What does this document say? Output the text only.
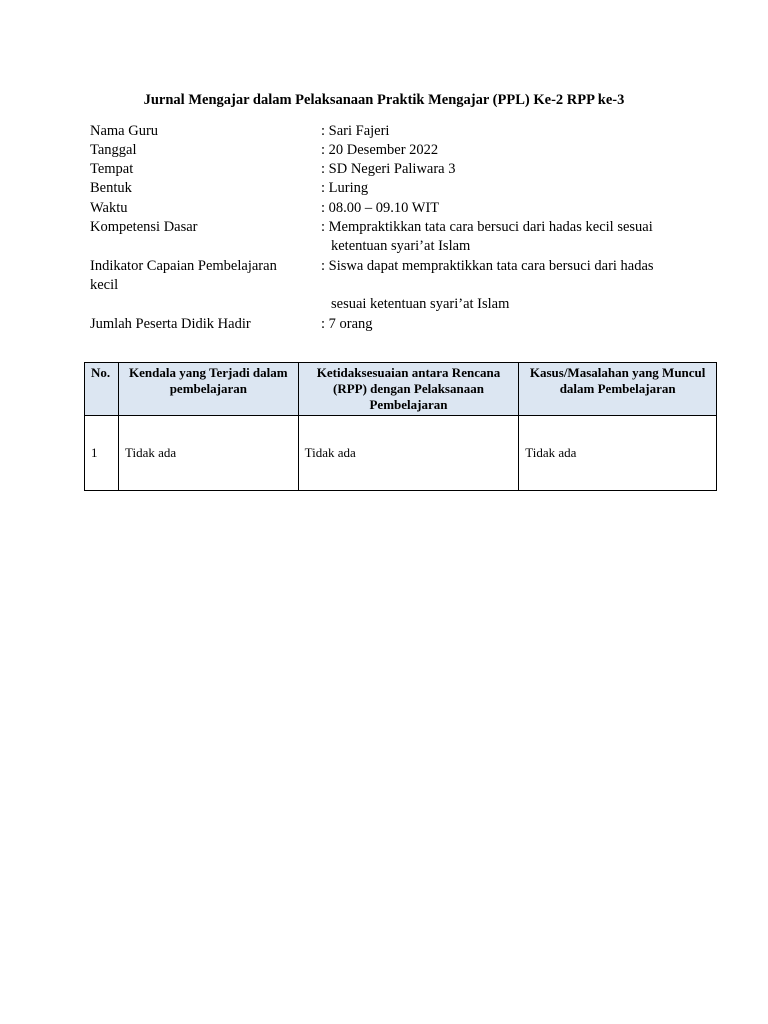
Jurnal Mengajar dalam Pelaksanaan Praktik Mengajar (PPL) Ke-2 RPP ke-3
Nama Guru	: Sari Fajeri
Tanggal	: 20 Desember 2022
Tempat	: SD Negeri Paliwara 3
Bentuk	: Luring
Waktu	: 08.00 – 09.10 WIT
Kompetensi Dasar	: Mempraktikkan tata cara bersuci dari hadas kecil sesuai
ketentuan syari’at Islam
Indikator Capaian Pembelajaran
kecil
: Siswa dapat mempraktikkan tata cara bersuci dari hadas
sesuai ketentuan syari’at Islam
Jumlah Peserta Didik Hadir	: 7 orang
No.	Kendala yang Terjadi dalam pembelajaran	Ketidaksesuaian antara Rencana (RPP) dengan Pelaksanaan Pembelajaran	Kasus/Masalahan yang Muncul dalam Pembelajaran
1	Tidak ada	Tidak ada	Tidak ada
